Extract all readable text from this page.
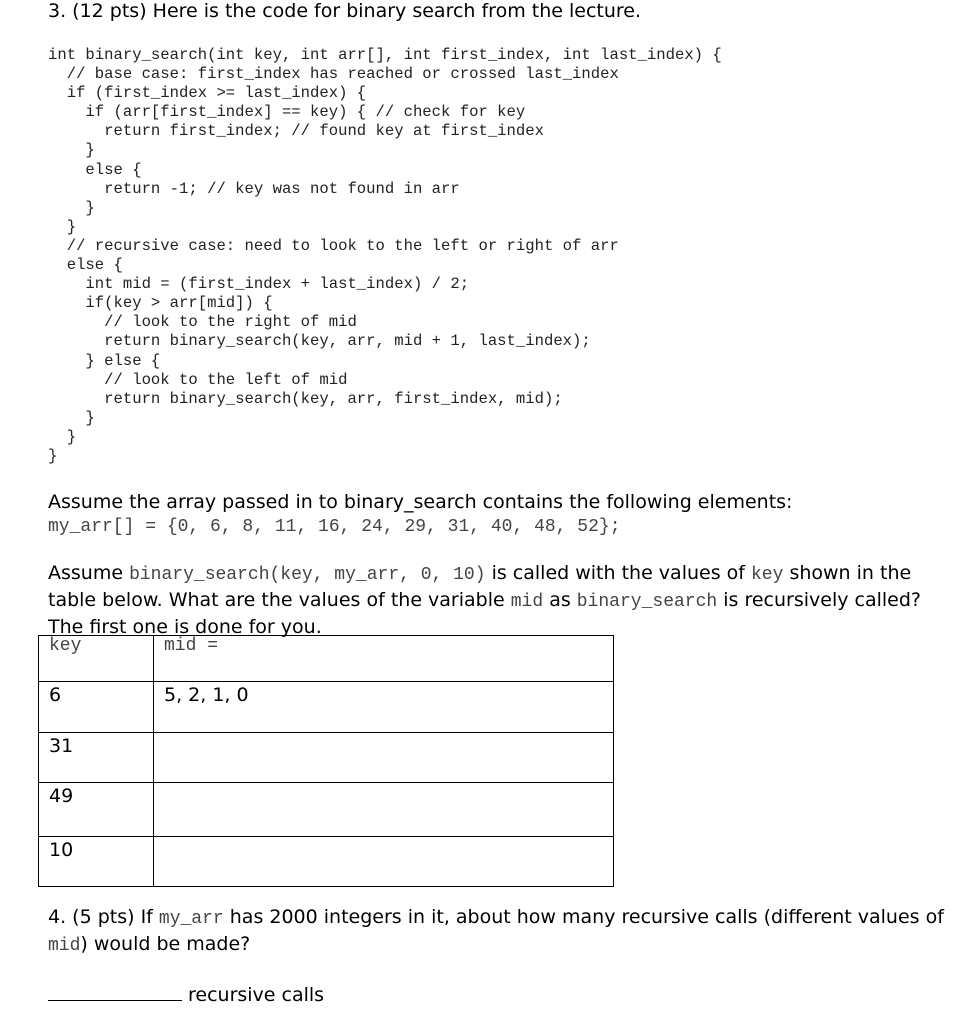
3. (12 pts) Here is the code for binary search from the lecture.
int binary_search(int key, int arr[], int first_index, int last_index) {
// base case: first_index has reached or crossed last_index
if (first_index >= last_index) {
if (arr[first_index] == key) { // check for key
return first_index; // found key at first_index
}
else {
return -1; // key was not found in arr
}
}
// recursive case: need to look to the left or right of arr
else {
int mid = (first_index + last_index) / 2;
if(key > arr[mid]) {
// look to the right of mid
return binary_search(key, arr, mid + 1, last_index);
} else {
// look to the left of mid
return binary_search(key, arr, first_index, mid);
}
}
}
Assume the array passed in to binary_search contains the following elements:
my_arr[] = {0, 6, 8, 11, 16, 24, 29, 31, 40, 48, 52};
Assume binary_search(key, my_arr, 0, 10) is called with the values of key shown in the table below. What are the values of the variable mid as binary_search is recursively called? The first one is done for you.
key	mid =
6	5, 2, 1, 0
31	
49	
10	
4. (5 pts) If my_arr has 2000 integers in it, about how many recursive calls (different values of mid) would be made?
recursive calls
